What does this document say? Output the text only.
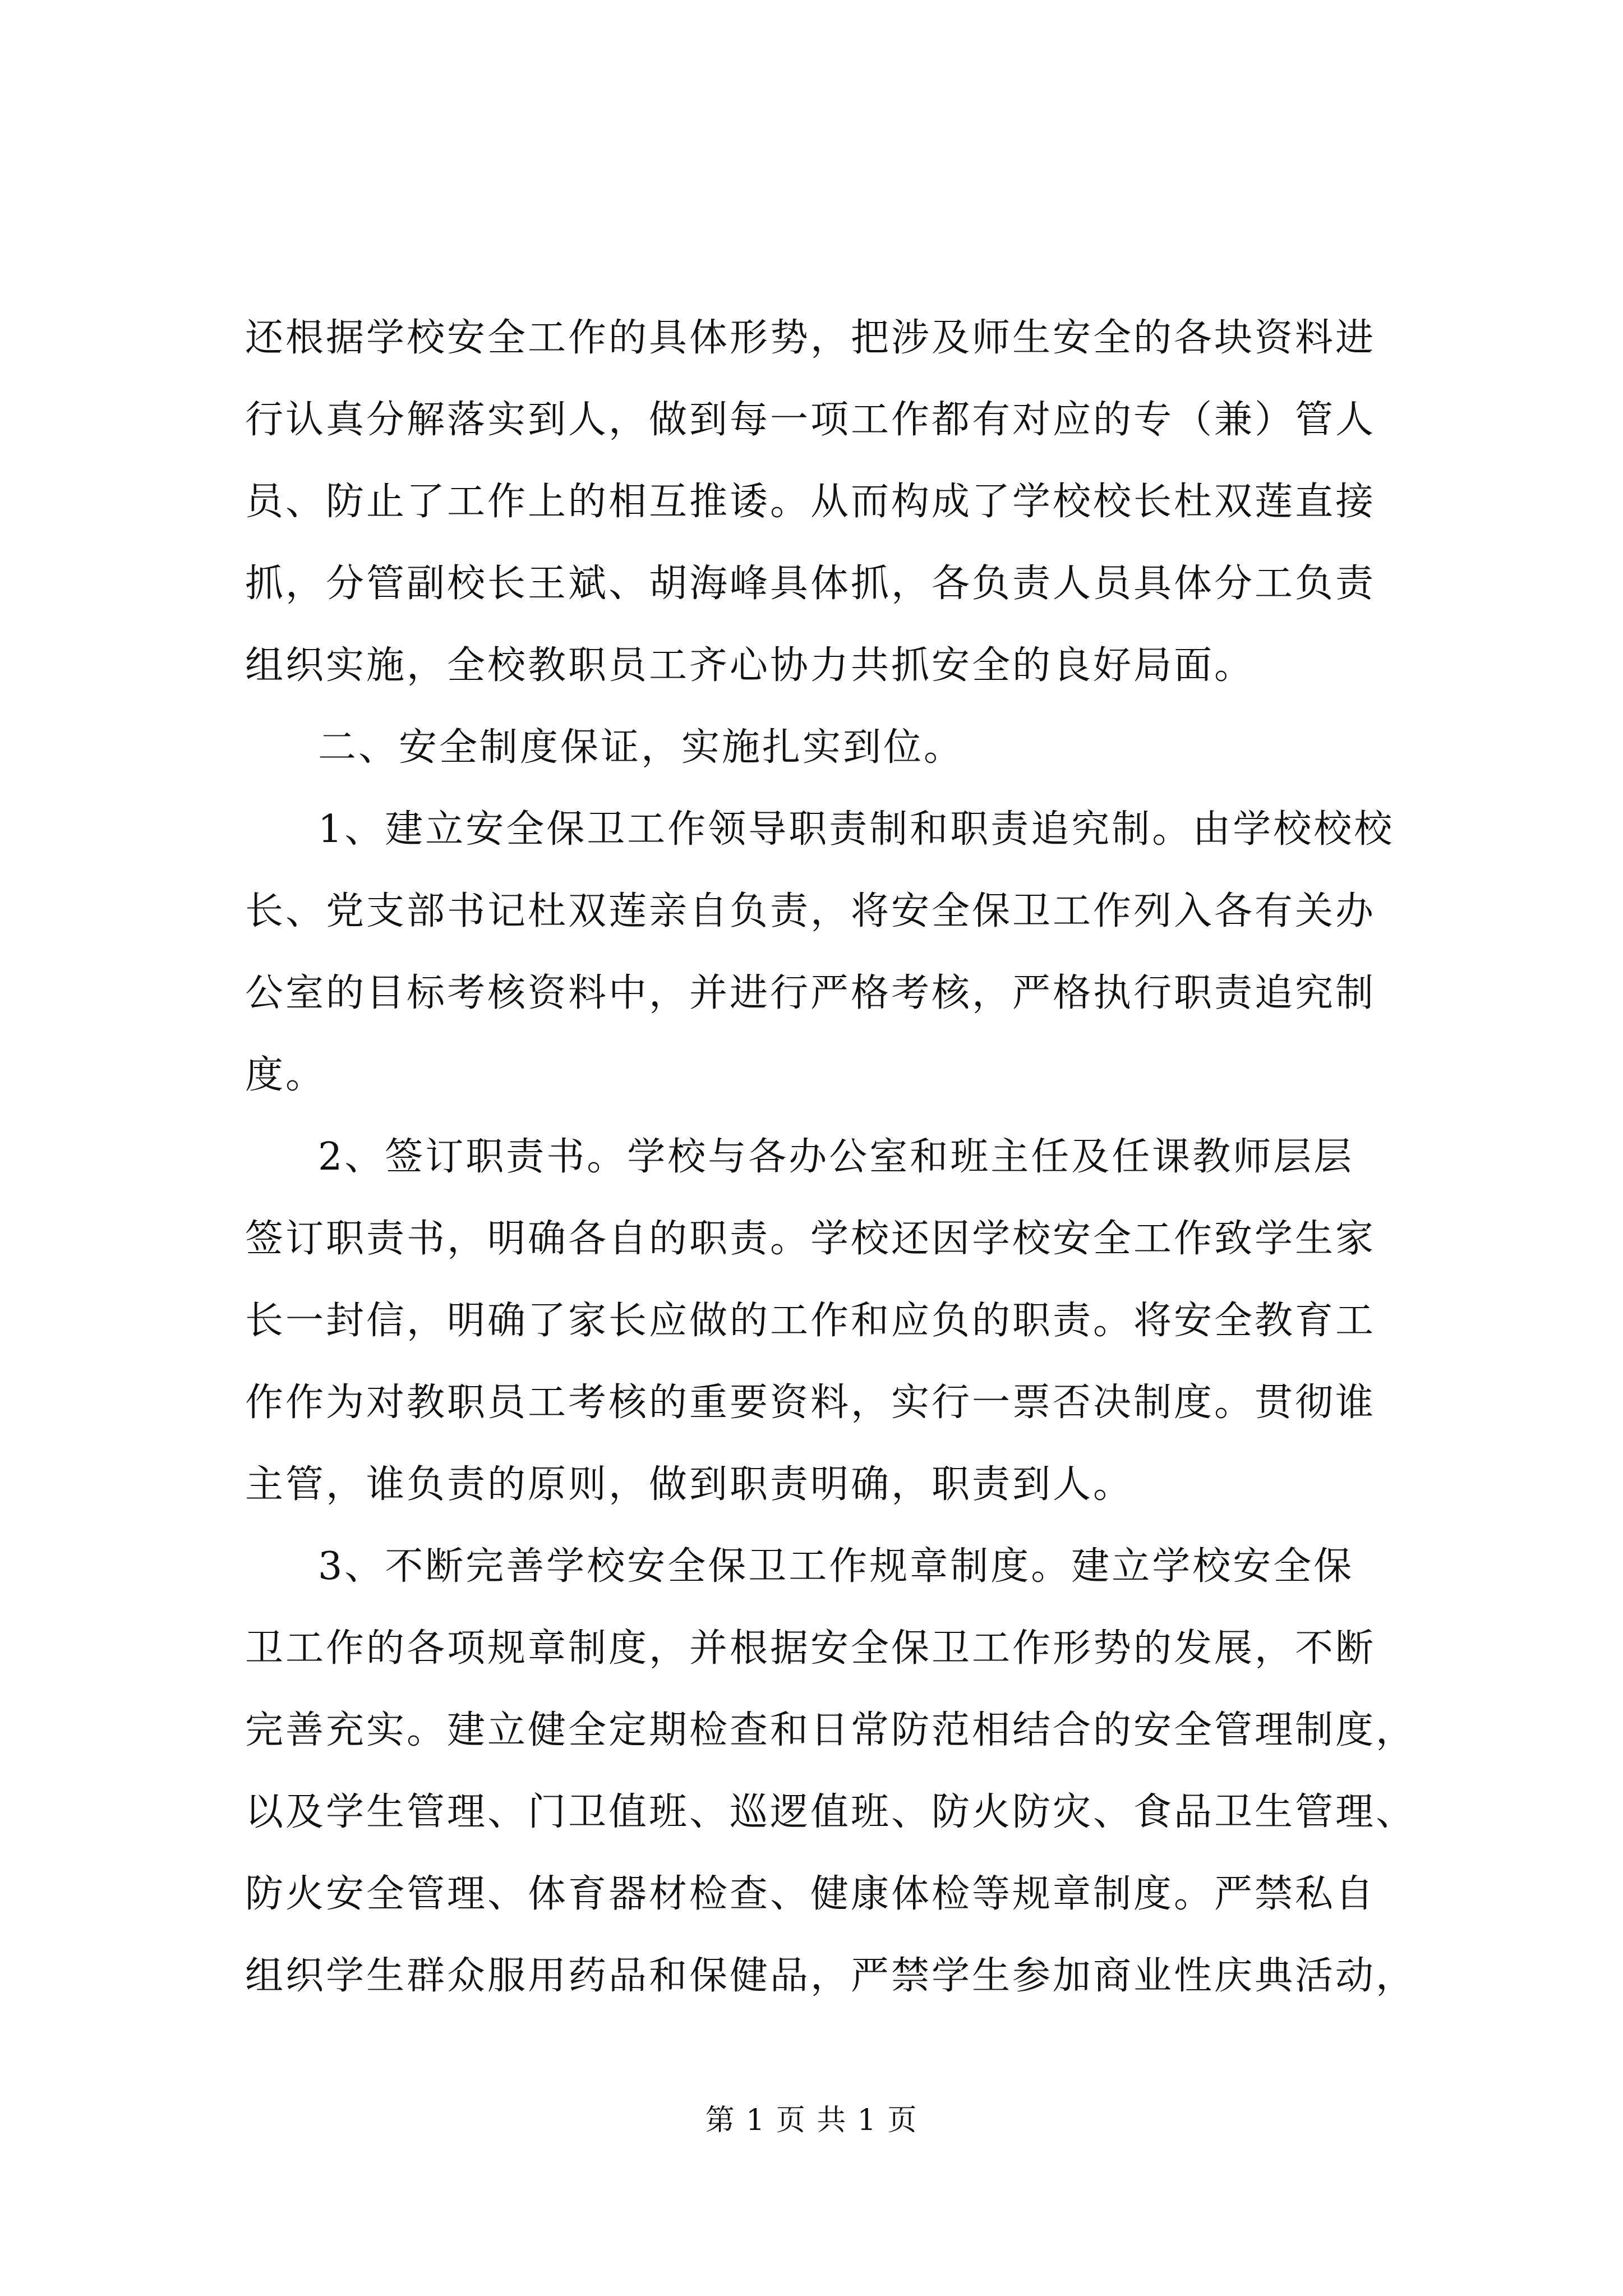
还根据学校安全工作的具体形势，把涉及师生安全的各块资料进
行认真分解落实到人，做到每一项工作都有对应的专（兼）管人
员、防止了工作上的相互推诿。从而构成了学校校长杜双莲直接
抓，分管副校长王斌、胡海峰具体抓，各负责人员具体分工负责
组织实施，全校教职员工齐心协力共抓安全的良好局面。
二、安全制度保证，实施扎实到位。
1、建立安全保卫工作领导职责制和职责追究制。由学校校校
长、党支部书记杜双莲亲自负责，将安全保卫工作列入各有关办
公室的目标考核资料中，并进行严格考核，严格执行职责追究制
度。
2、签订职责书。学校与各办公室和班主任及任课教师层层
签订职责书，明确各自的职责。学校还因学校安全工作致学生家
长一封信，明确了家长应做的工作和应负的职责。将安全教育工
作作为对教职员工考核的重要资料，实行一票否决制度。贯彻谁
主管，谁负责的原则，做到职责明确，职责到人。
3、不断完善学校安全保卫工作规章制度。建立学校安全保
卫工作的各项规章制度，并根据安全保卫工作形势的发展，不断
完善充实。建立健全定期检查和日常防范相结合的安全管理制度，
以及学生管理、门卫值班、巡逻值班、防火防灾、食品卫生管理、
防火安全管理、体育器材检查、健康体检等规章制度。严禁私自
组织学生群众服用药品和保健品，严禁学生参加商业性庆典活动，
第 1 页 共 1 页
